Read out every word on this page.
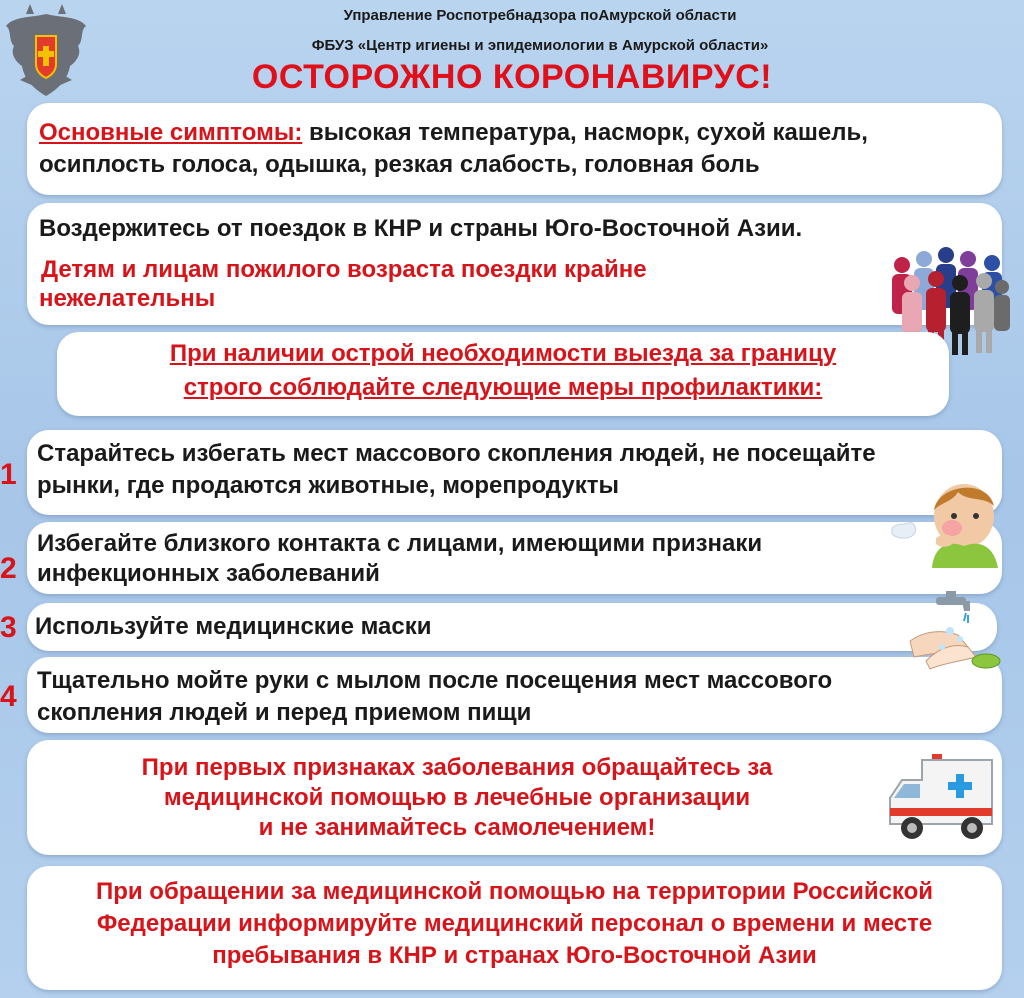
Управление Роспотребнадзора поАмурской области
ФБУЗ «Центр игиены и эпидемиологии в Амурской области»
ОСТОРОЖНО КОРОНАВИРУС!
Основные симптомы: высокая температура, насморк, сухой кашель,
осиплость голоса, одышка, резкая слабость, головная боль
Воздержитесь от поездок в КНР и страны Юго-Восточной Азии.
Детям и лицам пожилого возраста поездки крайне
нежелательны
При наличии острой необходимости выезда за границу
строго соблюдайте следующие меры профилактики:
1
Старайтесь избегать мест массового скопления людей, не посещайте
рынки, где продаются животные, морепродукты
2
Избегайте близкого контакта с лицами, имеющими признаки
инфекционных заболеваний
3 Используйте медицинские маски
4 Тщательно мойте руки с мылом после посещения мест массового
скопления людей и перед приемом пищи
При первых признаках заболевания обращайтесь за
медицинской помощью в лечебные организации
и не занимайтесь самолечением!
При обращении за медицинской помощью на территории Российской
Федерации информируйте медицинский персонал о времени и месте
пребывания в КНР и странах Юго-Восточной Азии
